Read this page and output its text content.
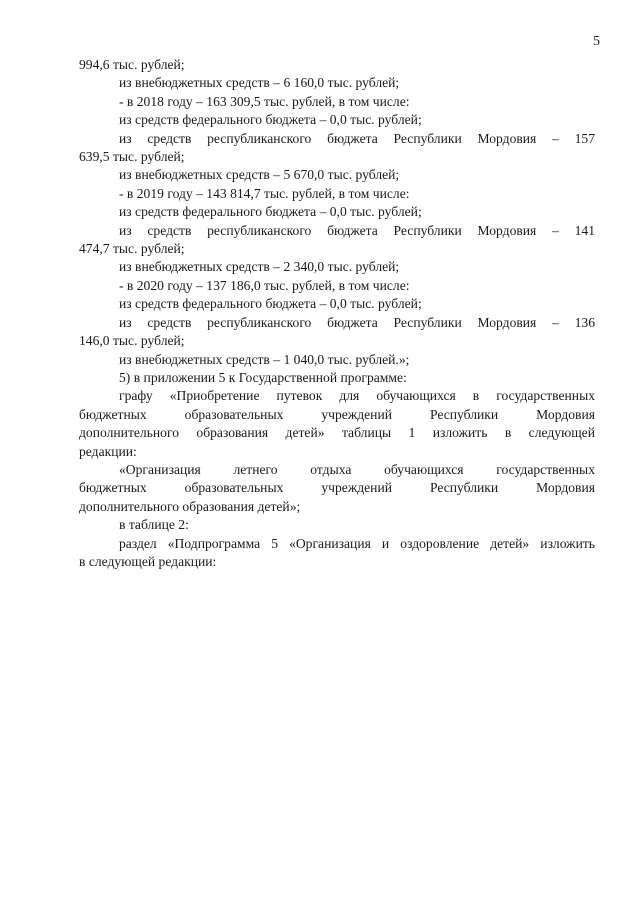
5

994,6 тыс. рублей;

из внебюджетных средств – 6 160,0 тыс. рублей;

- в 2018 году – 163 309,5 тыс. рублей, в том числе:

из средств федерального бюджета – 0,0 тыс. рублей;

из средств республиканского бюджета Республики Мордовия – 157

639,5 тыс. рублей;

из внебюджетных средств – 5 670,0 тыс. рублей;

- в 2019 году – 143 814,7 тыс. рублей, в том числе:

из средств федерального бюджета – 0,0 тыс. рублей;

из средств республиканского бюджета Республики Мордовия – 141

474,7 тыс. рублей;

из внебюджетных средств – 2 340,0 тыс. рублей;

- в 2020 году – 137 186,0 тыс. рублей, в том числе:

из средств федерального бюджета – 0,0 тыс. рублей;

из средств республиканского бюджета Республики Мордовия – 136

146,0 тыс. рублей;

из внебюджетных средств – 1 040,0 тыс. рублей.»;

5) в приложении 5 к Государственной программе:

графу «Приобретение путевок для обучающихся в государственных

бюджетных образовательных учреждений Республики Мордовия

дополнительного образования детей» таблицы 1 изложить в следующей

редакции:

«Организация летнего отдыха обучающихся государственных

бюджетных образовательных учреждений Республики Мордовия

дополнительного образования детей»;

в таблице 2:

раздел «Подпрограмма 5 «Организация и оздоровление детей» изложить

в следующей редакции:
